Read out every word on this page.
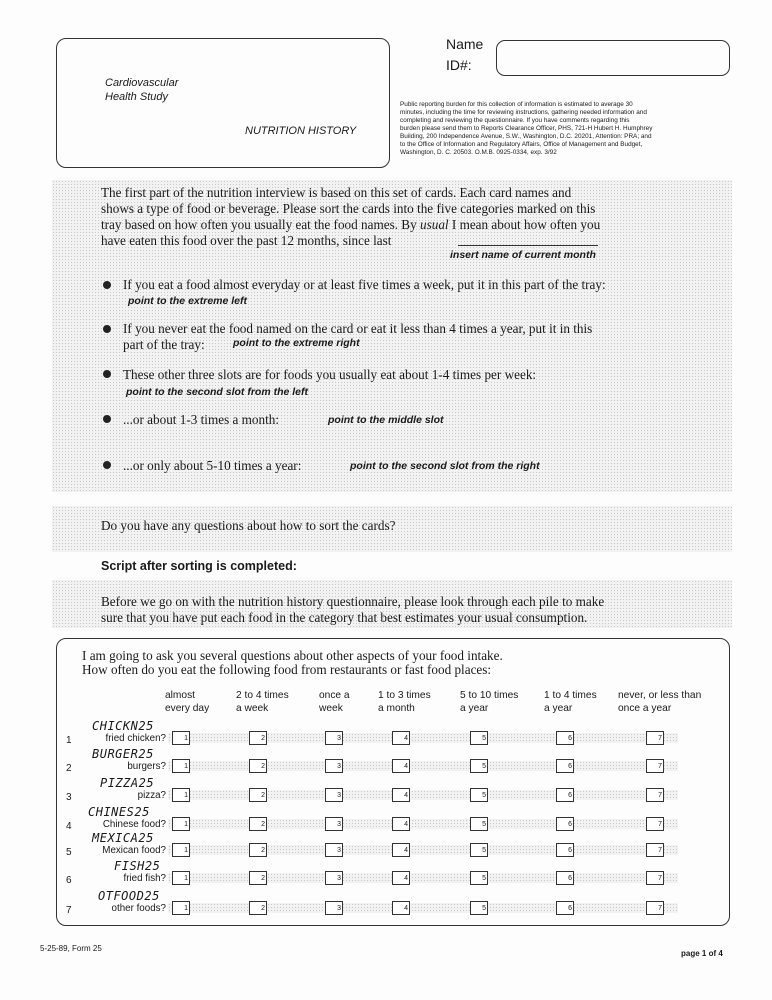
Cardiovascular
Health Study
NUTRITION HISTORY
Name
ID#:
Public reporting burden for this collection of information is estimated to average 30
minutes, including the time for reviewing instructions, gathering needed information and
completing and reviewing the questionnaire. If you have comments regarding this
burden please send them to Reports Clearance Officer, PHS, 721-H Hubert H. Humphrey
Building, 200 Independence Avenue, S.W., Washington, D.C. 20201, Attention: PRA; and
to the Office of Information and Regulatory Affairs, Office of Management and Budget,
Washington, D. C. 20503. O.M.B. 0925-0334, exp. 3/92
The first part of the nutrition interview is based on this set of cards. Each card names and
shows a type of food or beverage. Please sort the cards into the five categories marked on this
tray based on how often you usually eat the food names. By usual I mean about how often you
have eaten this food over the past 12 months, since last
insert name of current month
If you eat a food almost everyday or at least five times a week, put it in this part of the tray:
point to the extreme left
If you never eat the food named on the card or eat it less than 4 times a year, put it in this
part of the tray:	point to the extreme right
These other three slots are for foods you usually eat about 1-4 times per week:
point to the second slot from the left
...or about 1-3 times a month:	point to the middle slot
...or only about 5-10 times a year:	point to the second slot from the right
Do you have any questions about how to sort the cards?
Script after sorting is completed:
Before we go on with the nutrition history questionnaire, please look through each pile to make
sure that you have put each food in the category that best estimates your usual consumption.
I am going to ask you several questions about other aspects of your food intake.
How often do you eat the following food from restaurants or fast food places:
almost
every day
2 to 4 times
a week
once a
week
1 to 3 times
a month
5 to 10 times
a year
1 to 4 times
a year
never, or less than
once a year
1
CHICKN25
fried chicken?	1	2	3	4	5	6	7
2
BURGER25
burgers?	1	2	3	4	5	6	7
3
PIZZA25
pizza?	1	2	3	4	5	6	7
4
CHINES25
Chinese food?	1	2	3	4	5	6	7
5
MEXICA25
Mexican food?	1	2	3	4	5	6	7
6
FISH25
fried fish?	1	2	3	4	5	6	7
7
OTFOOD25
other foods?	1	2	3	4	5	6	7
5-25-89, Form 25
page 1 of 4
